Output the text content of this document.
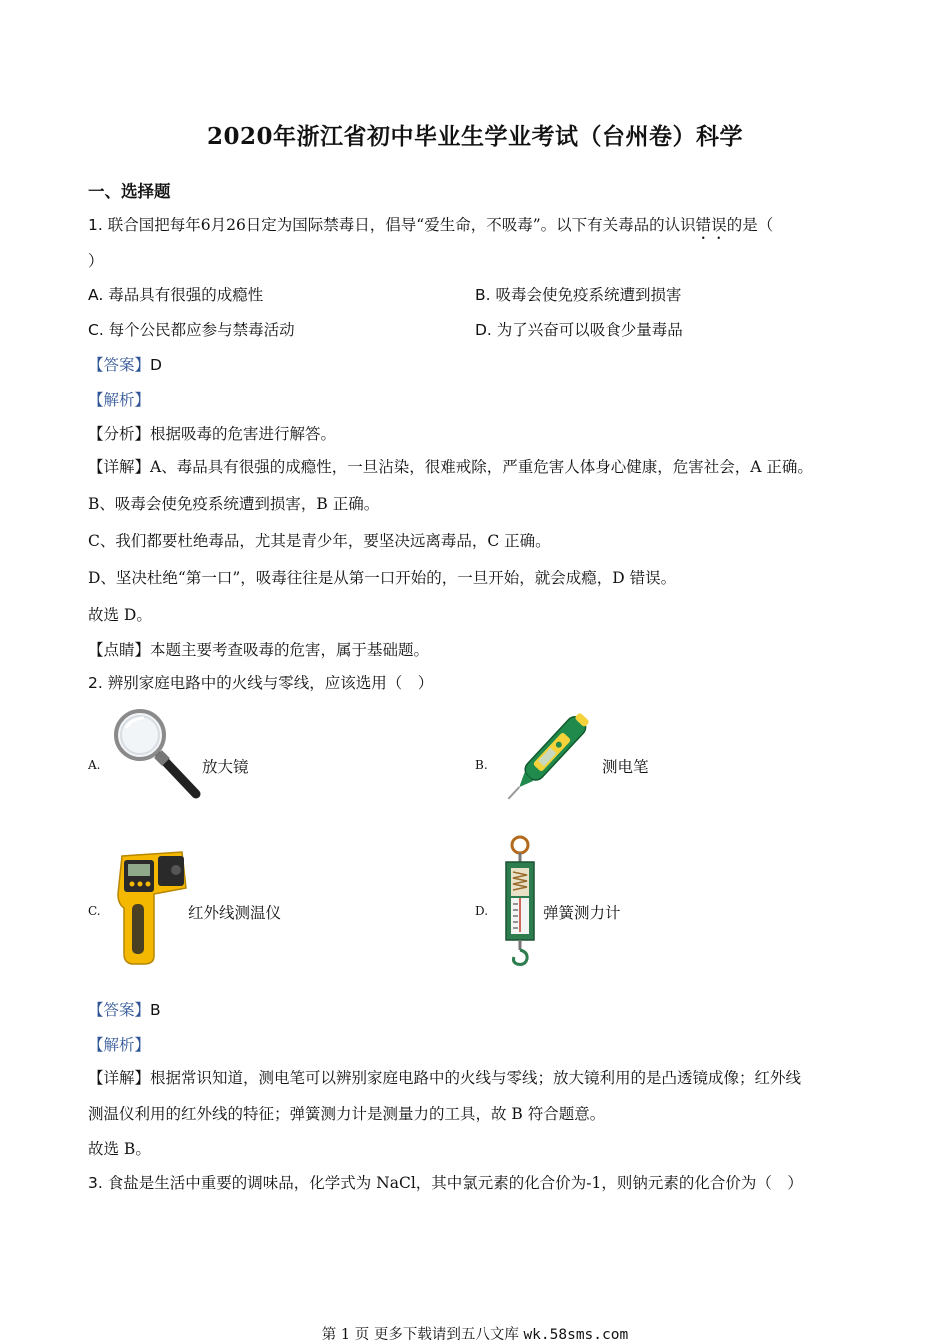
2020年浙江省初中毕业生学业考试（台州卷）科学
一、选择题
1. 联合国把每年6月26日定为国际禁毒日，倡导“爱生命，不吸毒”。以下有关毒品的认识错误的是（
）
A. 毒品具有很强的成瘾性	B. 吸毒会使免疫系统遭到损害
C. 每个公民都应参与禁毒活动	D. 为了兴奋可以吸食少量毒品
【答案】D
【解析】
【分析】根据吸毒的危害进行解答。
【详解】A、毒品具有很强的成瘾性，一旦沾染，很难戒除，严重危害人体身心健康，危害社会，A 正确。
B、吸毒会使免疫系统遭到损害，B 正确。
C、我们都要杜绝毒品，尤其是青少年，要坚决远离毒品，C 正确。
D、坚决杜绝“第一口”，吸毒往往是从第一口开始的，一旦开始，就会成瘾，D 错误。
故选 D。
【点睛】本题主要考查吸毒的危害，属于基础题。
2. 辨别家庭电路中的火线与零线，应该选用（　）
A.	放大镜	B.	测电笔
C.	红外线测温仪	D.	弹簧测力计
【答案】B
【解析】
【详解】根据常识知道，测电笔可以辨别家庭电路中的火线与零线；放大镜利用的是凸透镜成像；红外线
测温仪利用的红外线的特征；弹簧测力计是测量力的工具，故 B 符合题意。
故选 B。
3. 食盐是生活中重要的调味品，化学式为 NaCl，其中氯元素的化合价为-1，则钠元素的化合价为（　）
第 1 页 更多下载请到五八文库 wk.58sms.com
